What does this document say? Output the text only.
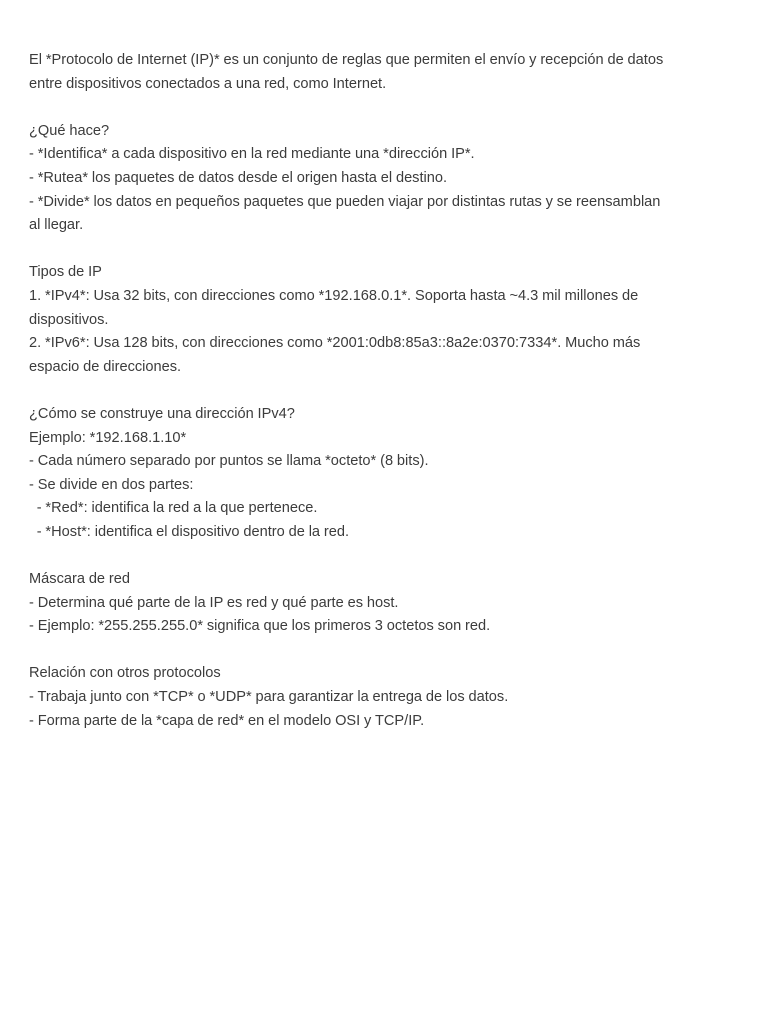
El *Protocolo de Internet (IP)* es un conjunto de reglas que permiten el envío y recepción de datos
entre dispositivos conectados a una red, como Internet.
¿Qué hace?
- *Identifica* a cada dispositivo en la red mediante una *dirección IP*.
- *Rutea* los paquetes de datos desde el origen hasta el destino.
- *Divide* los datos en pequeños paquetes que pueden viajar por distintas rutas y se reensamblan
al llegar.
Tipos de IP
1. *IPv4*: Usa 32 bits, con direcciones como *192.168.0.1*. Soporta hasta ~4.3 mil millones de
dispositivos.
2. *IPv6*: Usa 128 bits, con direcciones como *2001:0db8:85a3::8a2e:0370:7334*. Mucho más
espacio de direcciones.
¿Cómo se construye una dirección IPv4?
Ejemplo: *192.168.1.10*
- Cada número separado por puntos se llama *octeto* (8 bits).
- Se divide en dos partes:
- *Red*: identifica la red a la que pertenece.
- *Host*: identifica el dispositivo dentro de la red.
Máscara de red
- Determina qué parte de la IP es red y qué parte es host.
- Ejemplo: *255.255.255.0* significa que los primeros 3 octetos son red.
Relación con otros protocolos
- Trabaja junto con *TCP* o *UDP* para garantizar la entrega de los datos.
- Forma parte de la *capa de red* en el modelo OSI y TCP/IP.
